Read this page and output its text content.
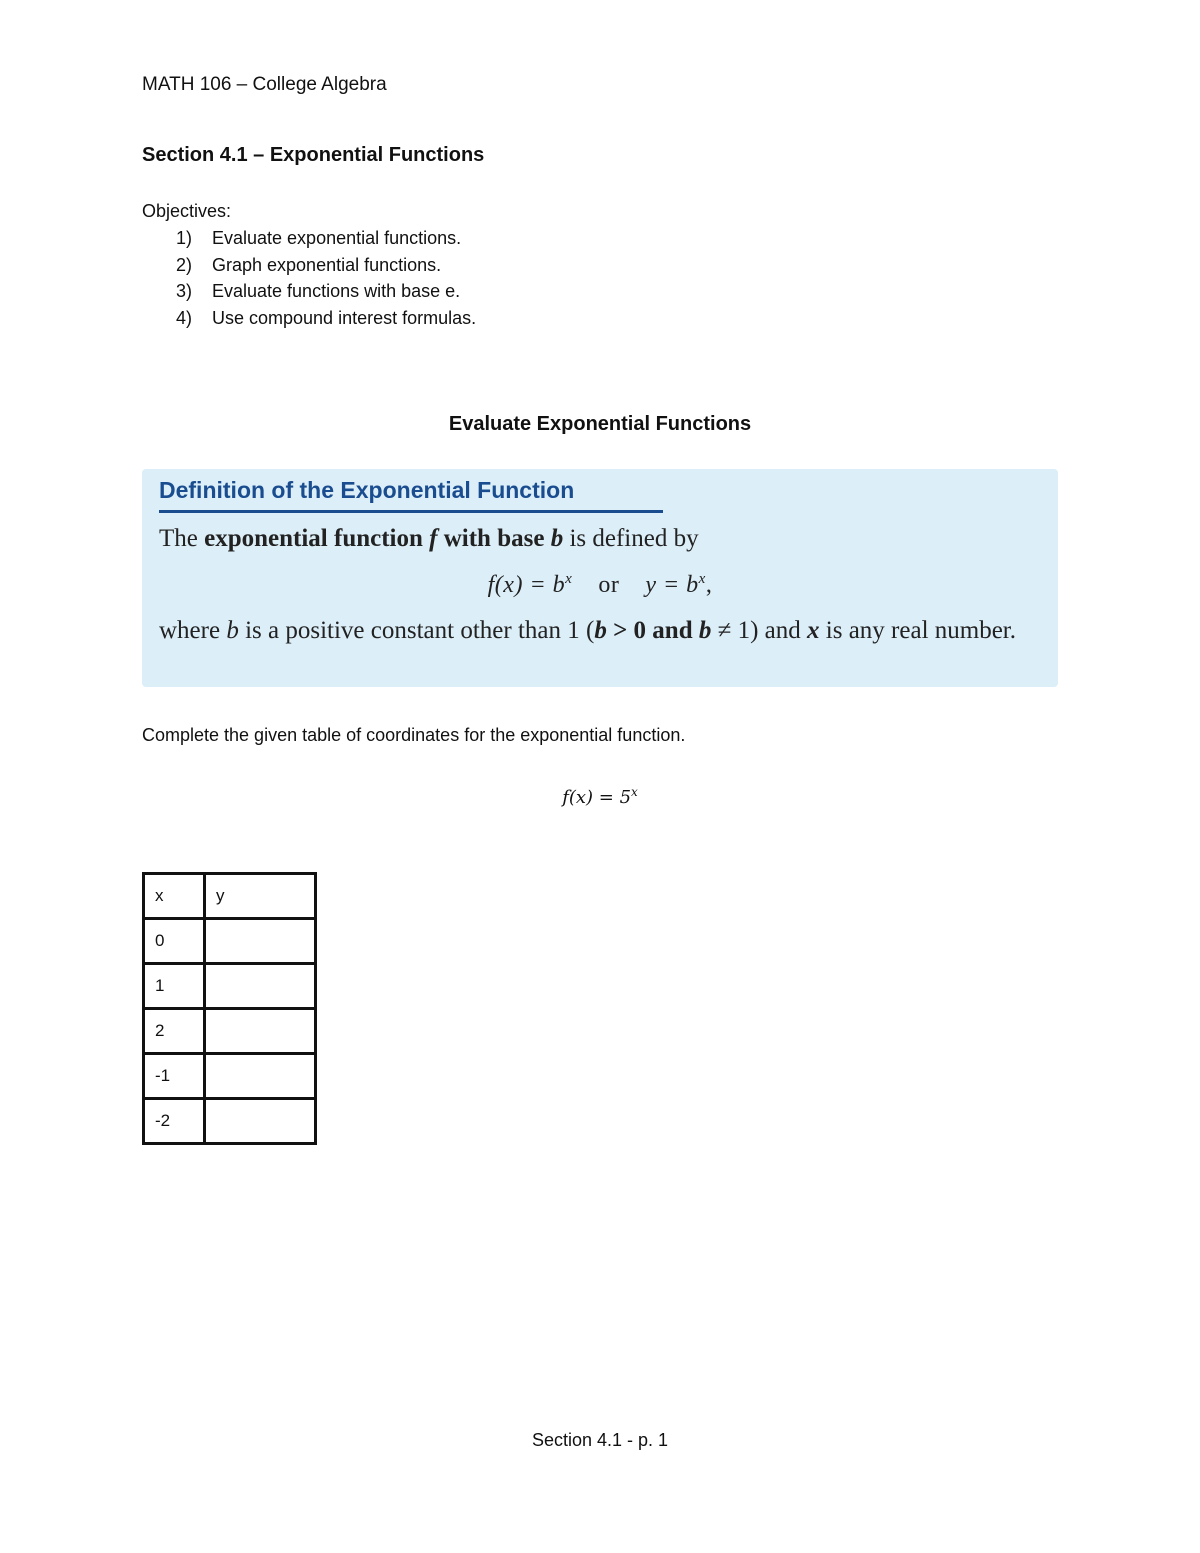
MATH 106 – College Algebra
Section 4.1 – Exponential Functions
Objectives:
1)	Evaluate exponential functions.
2)	Graph exponential functions.
3)	Evaluate functions with base e.
4)	Use compound interest formulas.
Evaluate Exponential Functions
Definition of the Exponential Function
The exponential function f with base b is defined by
$f(x) = b^x$ or $y = b^x$,
where b is a positive constant other than 1 (b > 0 and b ≠ 1) and x is any real number.
Complete the given table of coordinates for the exponential function.
$f(x) = 5^x$
x	y
0	
1	
2	
-1	
-2	
Section 4.1 - p. 1
